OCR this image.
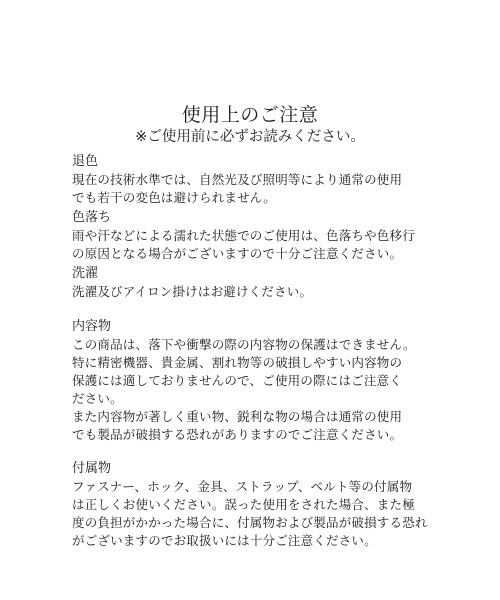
使用上のご注意
※ご使用前に必ずお読みください。
退色
現在の技術水準では、自然光及び照明等により通常の使用
でも若干の変色は避けられません。
色落ち
雨や汗などによる濡れた状態でのご使用は、色落ちや色移行
の原因となる場合がございますので十分ご注意ください。
洗濯
洗濯及びアイロン掛けはお避けください。
内容物
この商品は、落下や衝撃の際の内容物の保護はできません。
特に精密機器、貴金属、割れ物等の破損しやすい内容物の
保護には適しておりませんので、ご使用の際にはご注意く
ださい。
また内容物が著しく重い物、鋭利な物の場合は通常の使用
でも製品が破損する恐れがありますのでご注意ください。
付属物
ファスナー、ホック、金具、ストラップ、ベルト等の付属物
は正しくお使いください。誤った使用をされた場合、また極
度の負担がかかった場合に、付属物および製品が破損する恐れ
がございますのでお取扱いには十分ご注意ください。
